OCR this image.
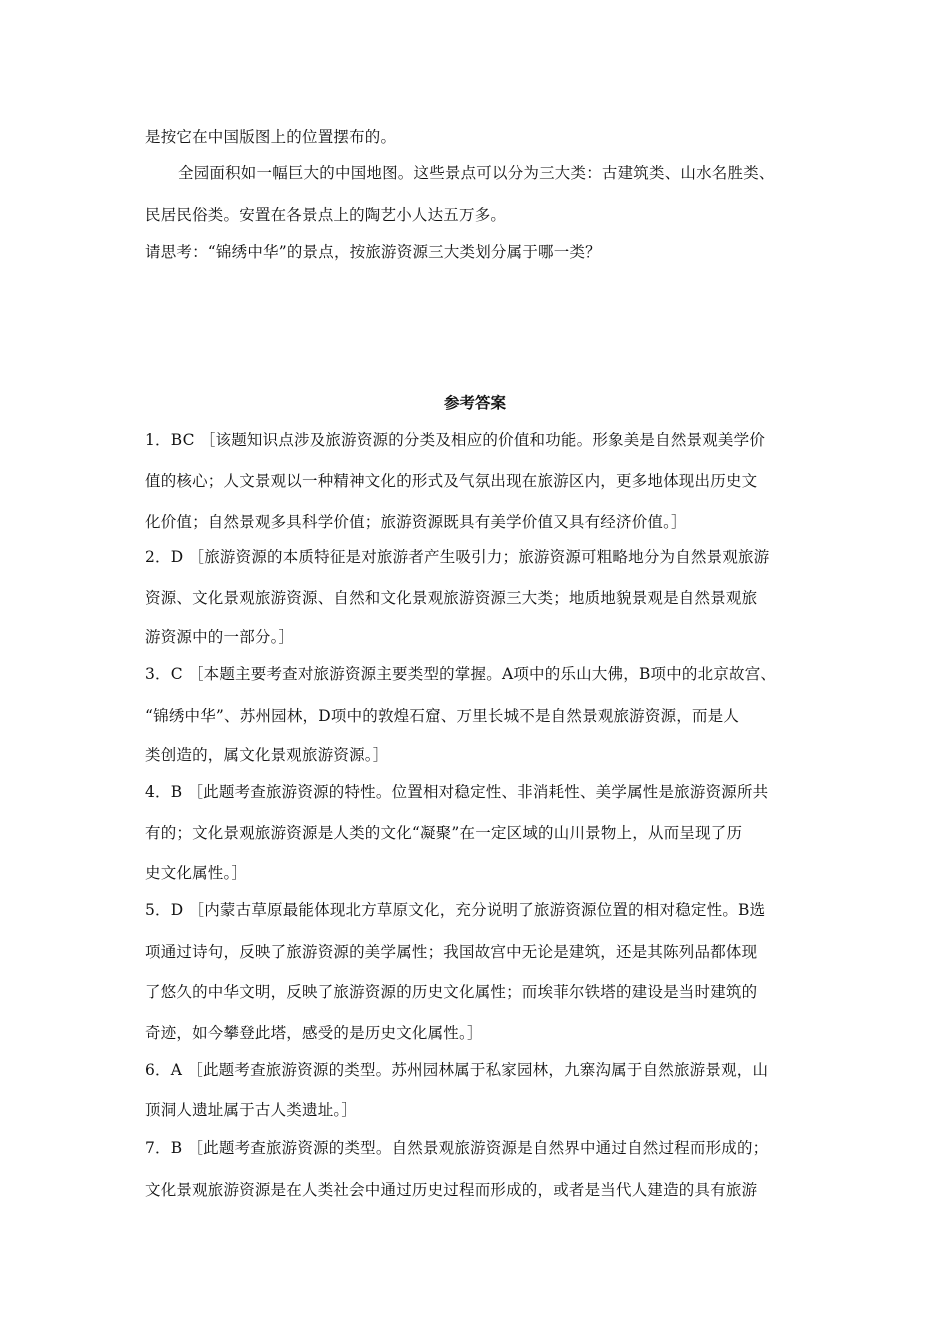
是按它在中国版图上的位置摆布的。
全园面积如一幅巨大的中国地图。这些景点可以分为三大类：古建筑类、山水名胜类、
民居民俗类。安置在各景点上的陶艺小人达五万多。
请思考：“锦绣中华”的景点，按旅游资源三大类划分属于哪一类？
参考答案
1．BC ［该题知识点涉及旅游资源的分类及相应的价值和功能。形象美是自然景观美学价
值的核心；人文景观以一种精神文化的形式及气氛出现在旅游区内，更多地体现出历史文
化价值；自然景观多具科学价值；旅游资源既具有美学价值又具有经济价值。］
2．D ［旅游资源的本质特征是对旅游者产生吸引力；旅游资源可粗略地分为自然景观旅游
资源、文化景观旅游资源、自然和文化景观旅游资源三大类；地质地貌景观是自然景观旅
游资源中的一部分。］
3．C ［本题主要考查对旅游资源主要类型的掌握。A项中的乐山大佛，B项中的北京故宫、
“锦绣中华”、苏州园林，D项中的敦煌石窟、万里长城不是自然景观旅游资源，而是人
类创造的，属文化景观旅游资源。］
4．B ［此题考查旅游资源的特性。位置相对稳定性、非消耗性、美学属性是旅游资源所共
有的；文化景观旅游资源是人类的文化“凝聚”在一定区域的山川景物上，从而呈现了历
史文化属性。］
5．D ［内蒙古草原最能体现北方草原文化，充分说明了旅游资源位置的相对稳定性。B选
项通过诗句，反映了旅游资源的美学属性；我国故宫中无论是建筑，还是其陈列品都体现
了悠久的中华文明，反映了旅游资源的历史文化属性；而埃菲尔铁塔的建设是当时建筑的
奇迹，如今攀登此塔，感受的是历史文化属性。］
6．A ［此题考查旅游资源的类型。苏州园林属于私家园林，九寨沟属于自然旅游景观，山
顶洞人遗址属于古人类遗址。］
7．B ［此题考查旅游资源的类型。自然景观旅游资源是自然界中通过自然过程而形成的；
文化景观旅游资源是在人类社会中通过历史过程而形成的，或者是当代人建造的具有旅游
